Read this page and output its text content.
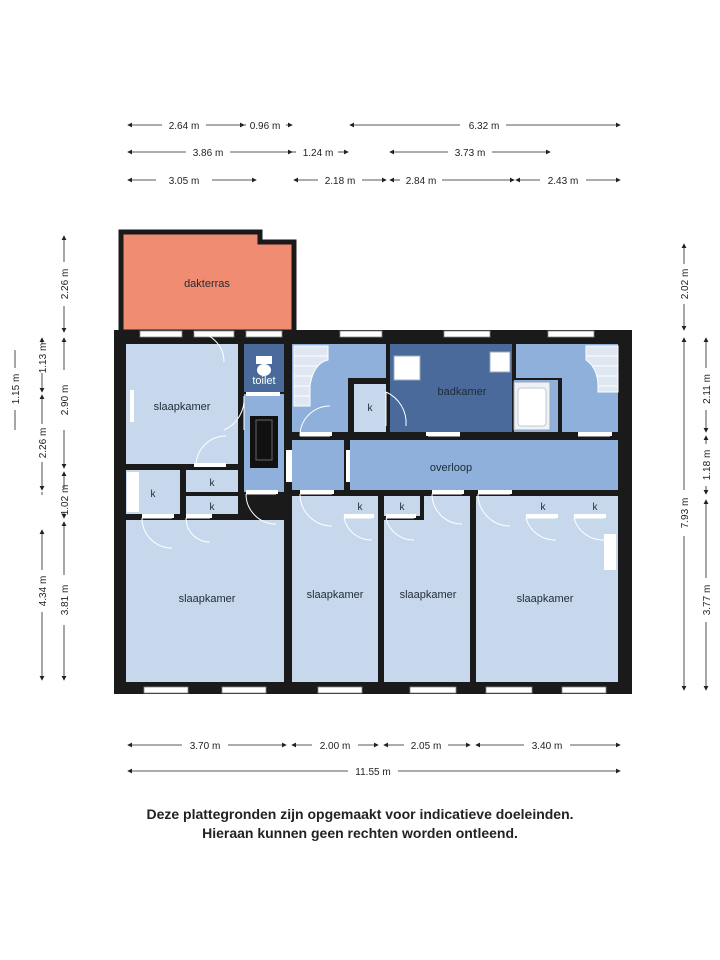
2.64 m	0.96 m	6.32 m
3.86 m	1.24 m	3.73 m
3.05 m	2.18 m	2.84 m	2.43 m
1.15 m
2.26 m
4.34 m
1.13 m
1.02 m
2.26 m
2.90 m
3.81 m
2.02 m
7.93 m
2.11 m
1.18 m
3.77 m
3.70 m	2.00 m	2.05 m	3.40 m
11.55 m
dakterras
slaapkamer
toilet
badkamer
overloop
slaapkamer	slaapkamer	slaapkamer	slaapkamer
k
k
k
k
k	k	k	k
Deze plattegronden zijn opgemaakt voor indicatieve doeleinden.
Hieraan kunnen geen rechten worden ontleend.
